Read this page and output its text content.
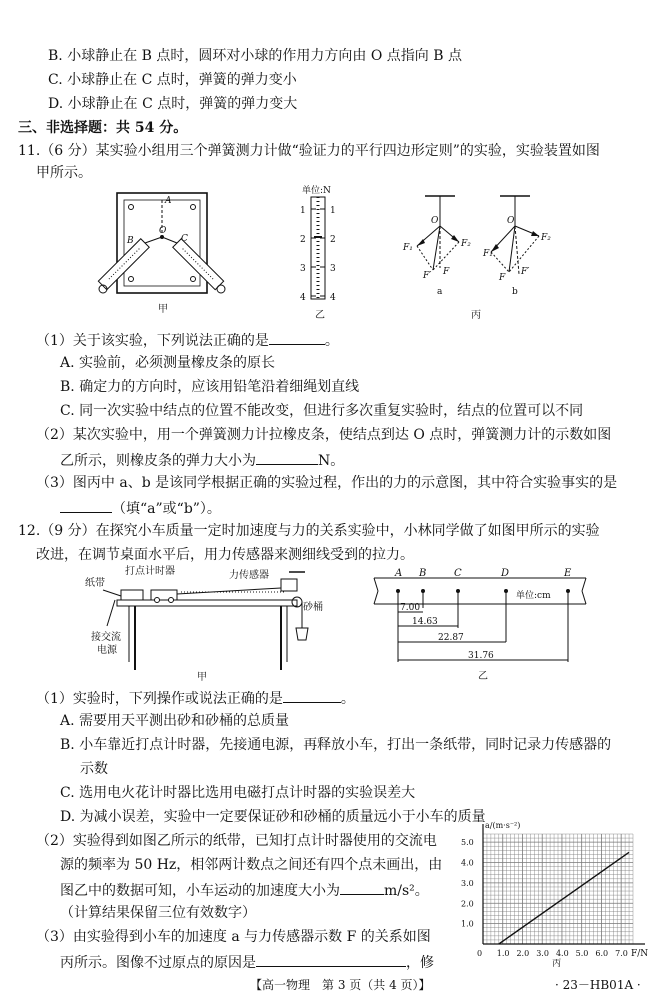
B. 小球静止在 B 点时，圆环对小球的作用力方向由 O 点指向 B 点
C. 小球静止在 C 点时，弹簧的弹力变小
D. 小球静止在 C 点时，弹簧的弹力变大
三、非选择题：共 54 分。
11.（6 分）某实验小组用三个弹簧测力计做“验证力的平行四边形定则”的实验，实验装置如图
甲所示。
A
B	C
O
甲
单位:N
1
2
3
4
1
2
3
4
乙
O
F₁	F₂
F′ F
a
O
F₁
F₂
F
F′
b
丙
（1）关于该实验，下列说法正确的是	。
A. 实验前，必须测量橡皮条的原长
B. 确定力的方向时，应该用铅笔沿着细绳划直线
C. 同一次实验中结点的位置不能改变，但进行多次重复实验时，结点的位置可以不同
（2）某次实验中，用一个弹簧测力计拉橡皮条，使结点到达 O 点时，弹簧测力计的示数如图
乙所示，则橡皮条的弹力大小为	N。
（3）图丙中 a、b 是该同学根据正确的实验过程，作出的力的示意图，其中符合实验事实的是
（填“a”或“b”）。
12.（9 分）在探究小车质量一定时加速度与力的关系实验中，小林同学做了如图甲所示的实验
改进，在调节桌面水平后，用力传感器来测细线受到的拉力。
打点计时器	力传感器
纸带
砂桶
接交流
电源
甲
A B	C	D	E
单位:cm
7.00
14.63
22.87
31.76
乙
（1）实验时，下列操作或说法正确的是	。
A. 需要用天平测出砂和砂桶的总质量
B. 小车靠近打点计时器，先接通电源，再释放小车，打出一条纸带，同时记录力传感器的
示数
C. 选用电火花计时器比选用电磁打点计时器的实验误差大
D. 为减小误差，实验中一定要保证砂和砂桶的质量远小于小车的质量
（2）实验得到如图乙所示的纸带，已知打点计时器使用的交流电
源的频率为 50 Hz，相邻两计数点之间还有四个点未画出，由
图乙中的数据可知，小车运动的加速度大小为	m/s²。
（计算结果保留三位有效数字）
（3）由实验得到小车的加速度 a 与力传感器示数 F 的关系如图
丙所示。图像不过原点的原因是	，修
a/(m·s⁻²)
F/N
0 1.0 2.0 3.0 4.0 5.0 6.0 7.0
1.0
2.0
3.0
4.0
5.0
丙
【高一物理　第 3 页（共 4 页）】	· 23－HB01A ·
